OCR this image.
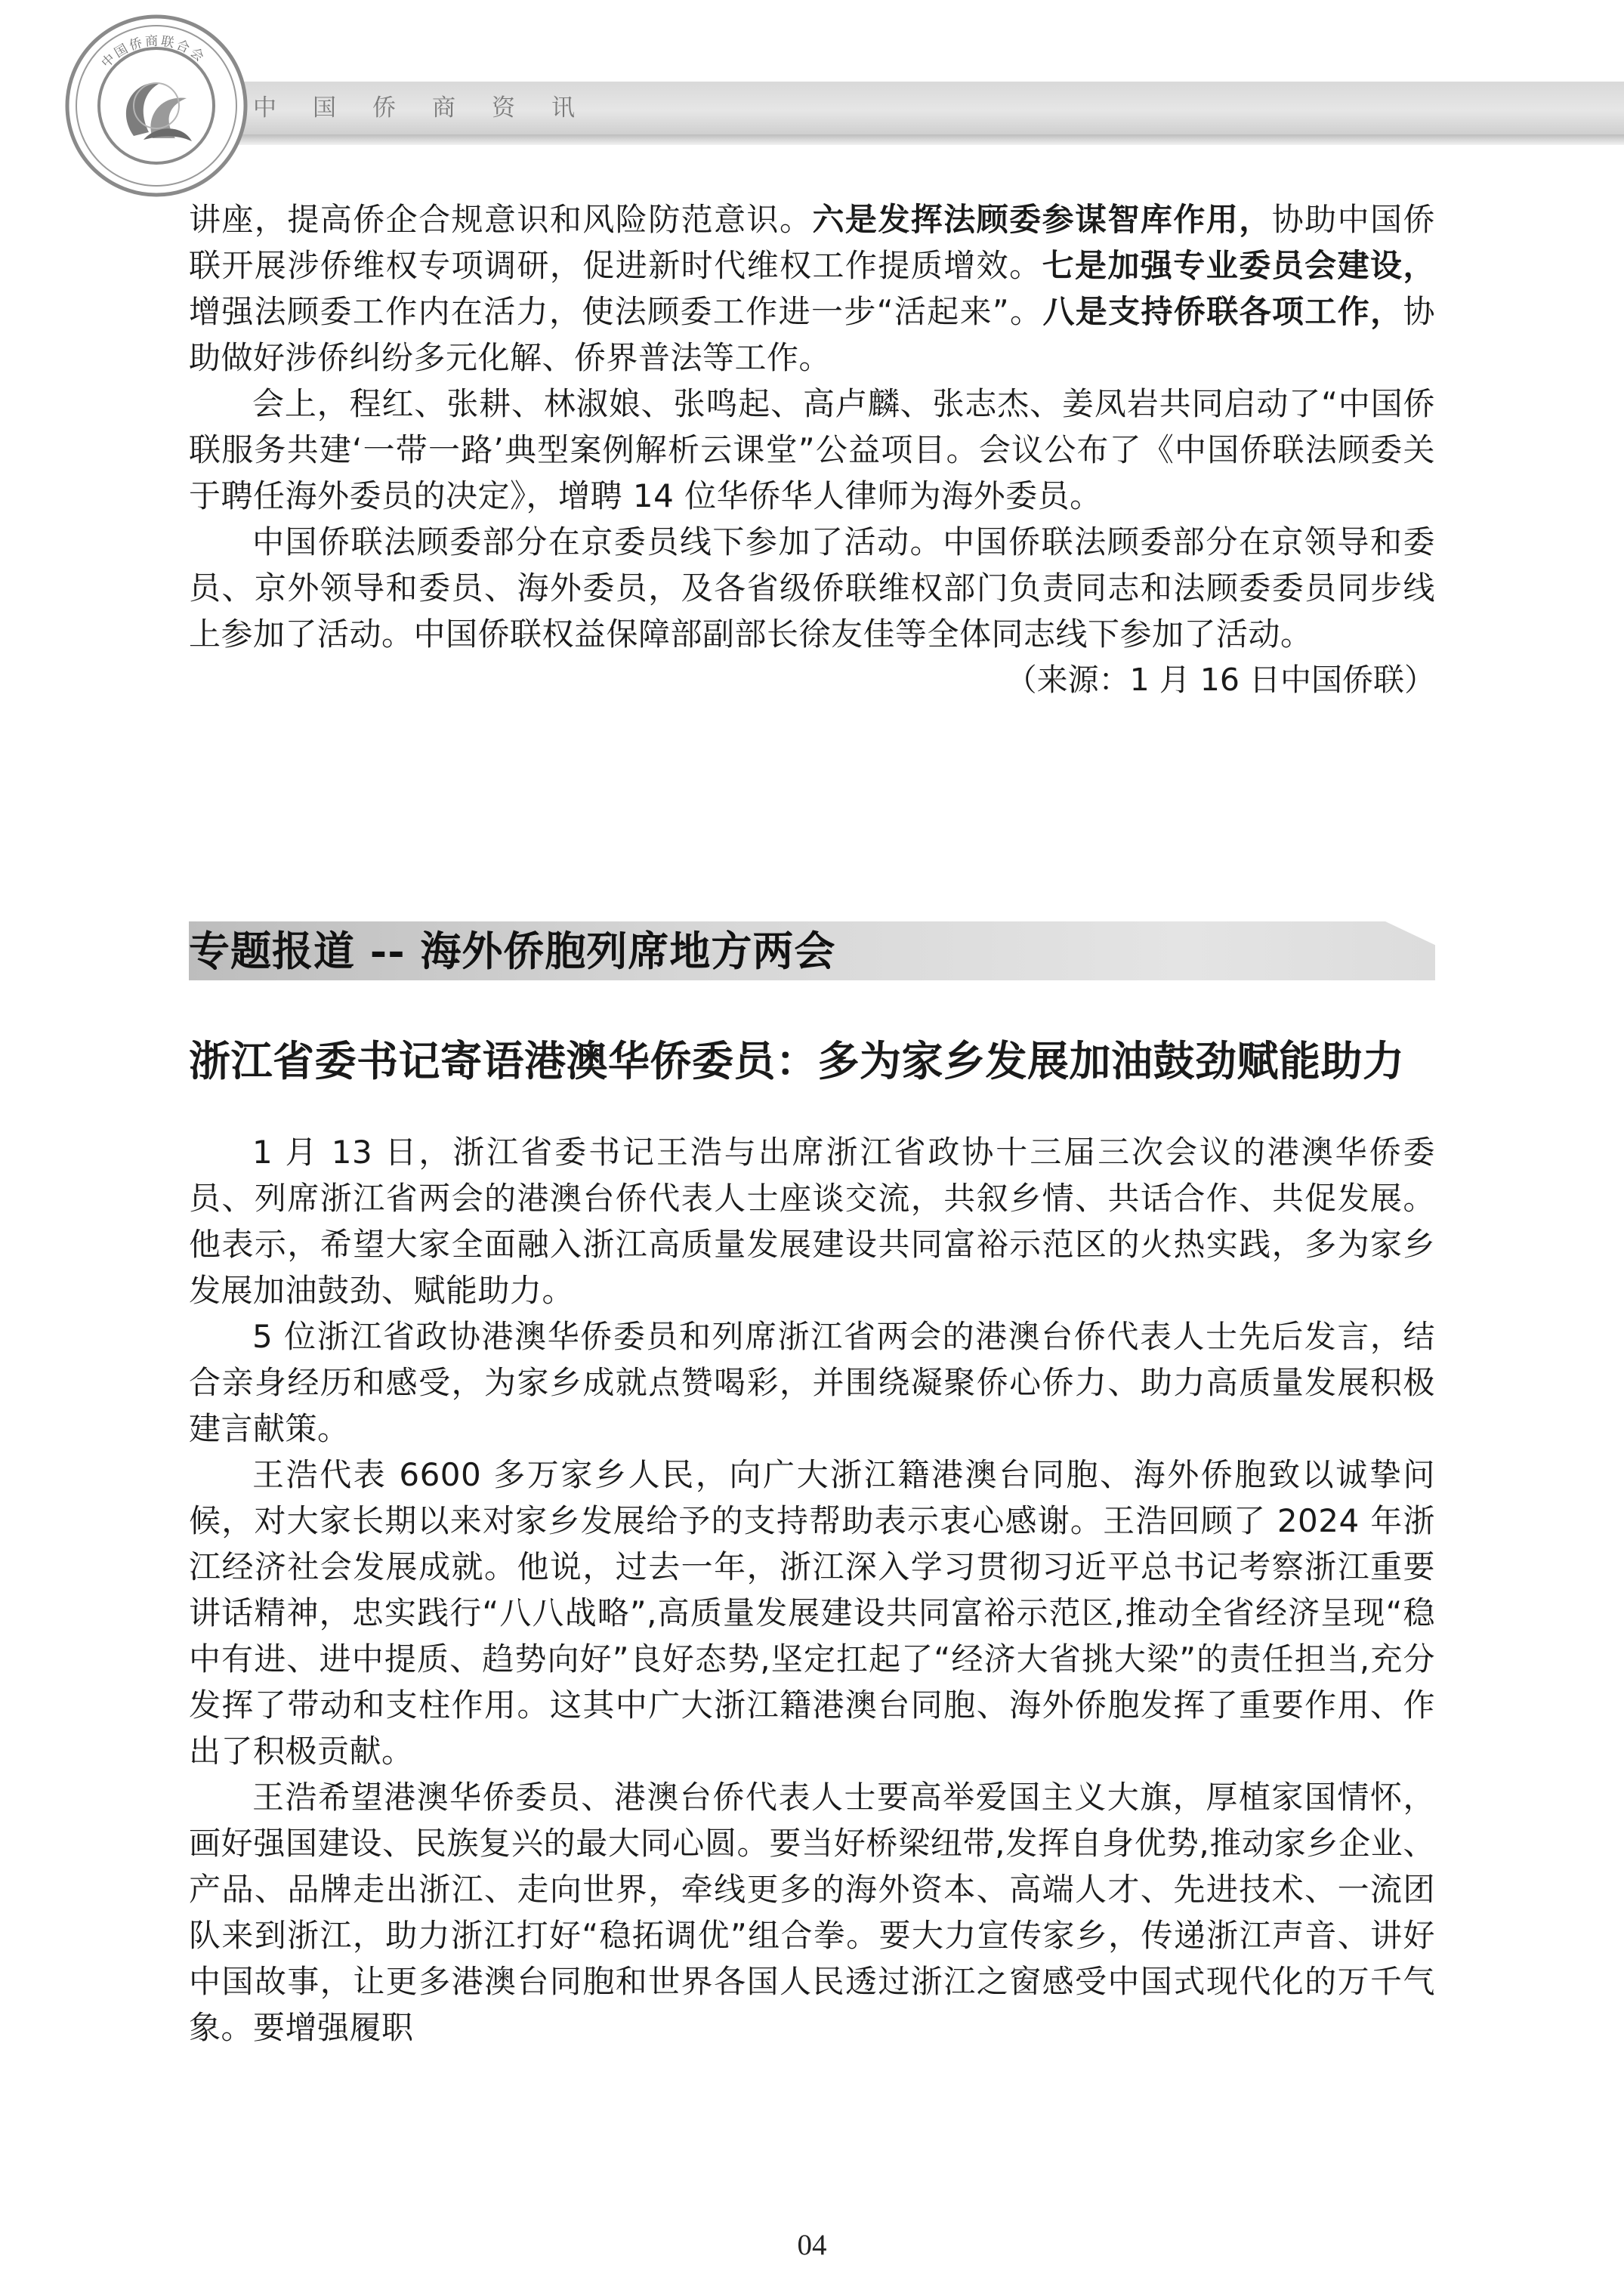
中国侨商资讯
中国侨商联合会

讲座，提高侨企合规意识和风险防范意识。六是发挥法顾委参谋智库作用，协助中国侨联开展涉侨维权专项调研，促进新时代维权工作提质增效。七是加强专业委员会建设，增强法顾委工作内在活力，使法顾委工作进一步“活起来”。八是支持侨联各项工作，协助做好涉侨纠纷多元化解、侨界普法等工作。

会上，程红、张耕、林淑娘、张鸣起、高卢麟、张志杰、姜凤岩共同启动了“中国侨联服务共建‘一带一路’典型案例解析云课堂”公益项目。会议公布了《中国侨联法顾委关于聘任海外委员的决定》，增聘 14 位华侨华人律师为海外委员。

中国侨联法顾委部分在京委员线下参加了活动。中国侨联法顾委部分在京领导和委员、京外领导和委员、海外委员，及各省级侨联维权部门负责同志和法顾委委员同步线上参加了活动。中国侨联权益保障部副部长徐友佳等全体同志线下参加了活动。

（来源：1 月 16 日中国侨联）

专题报道 -- 海外侨胞列席地方两会
浙江省委书记寄语港澳华侨委员：多为家乡发展加油鼓劲赋能助力

1 月 13 日，浙江省委书记王浩与出席浙江省政协十三届三次会议的港澳华侨委员、列席浙江省两会的港澳台侨代表人士座谈交流，共叙乡情、共话合作、共促发展。他表示，希望大家全面融入浙江高质量发展建设共同富裕示范区的火热实践，多为家乡发展加油鼓劲、赋能助力。

5 位浙江省政协港澳华侨委员和列席浙江省两会的港澳台侨代表人士先后发言，结合亲身经历和感受，为家乡成就点赞喝彩，并围绕凝聚侨心侨力、助力高质量发展积极建言献策。

王浩代表 6600 多万家乡人民，向广大浙江籍港澳台同胞、海外侨胞致以诚挚问候，对大家长期以来对家乡发展给予的支持帮助表示衷心感谢。王浩回顾了 2024 年浙江经济社会发展成就。他说，过去一年，浙江深入学习贯彻习近平总书记考察浙江重要讲话精神，忠实践行“八八战略”,高质量发展建设共同富裕示范区,推动全省经济呈现“稳中有进、进中提质、趋势向好”良好态势,坚定扛起了“经济大省挑大梁”的责任担当,充分发挥了带动和支柱作用。这其中广大浙江籍港澳台同胞、海外侨胞发挥了重要作用、作出了积极贡献。

王浩希望港澳华侨委员、港澳台侨代表人士要高举爱国主义大旗，厚植家国情怀，画好强国建设、民族复兴的最大同心圆。要当好桥梁纽带,发挥自身优势,推动家乡企业、产品、品牌走出浙江、走向世界，牵线更多的海外资本、高端人才、先进技术、一流团队来到浙江，助力浙江打好“稳拓调优”组合拳。要大力宣传家乡，传递浙江声音、讲好中国故事，让更多港澳台同胞和世界各国人民透过浙江之窗感受中国式现代化的万千气象。要增强履职

04
